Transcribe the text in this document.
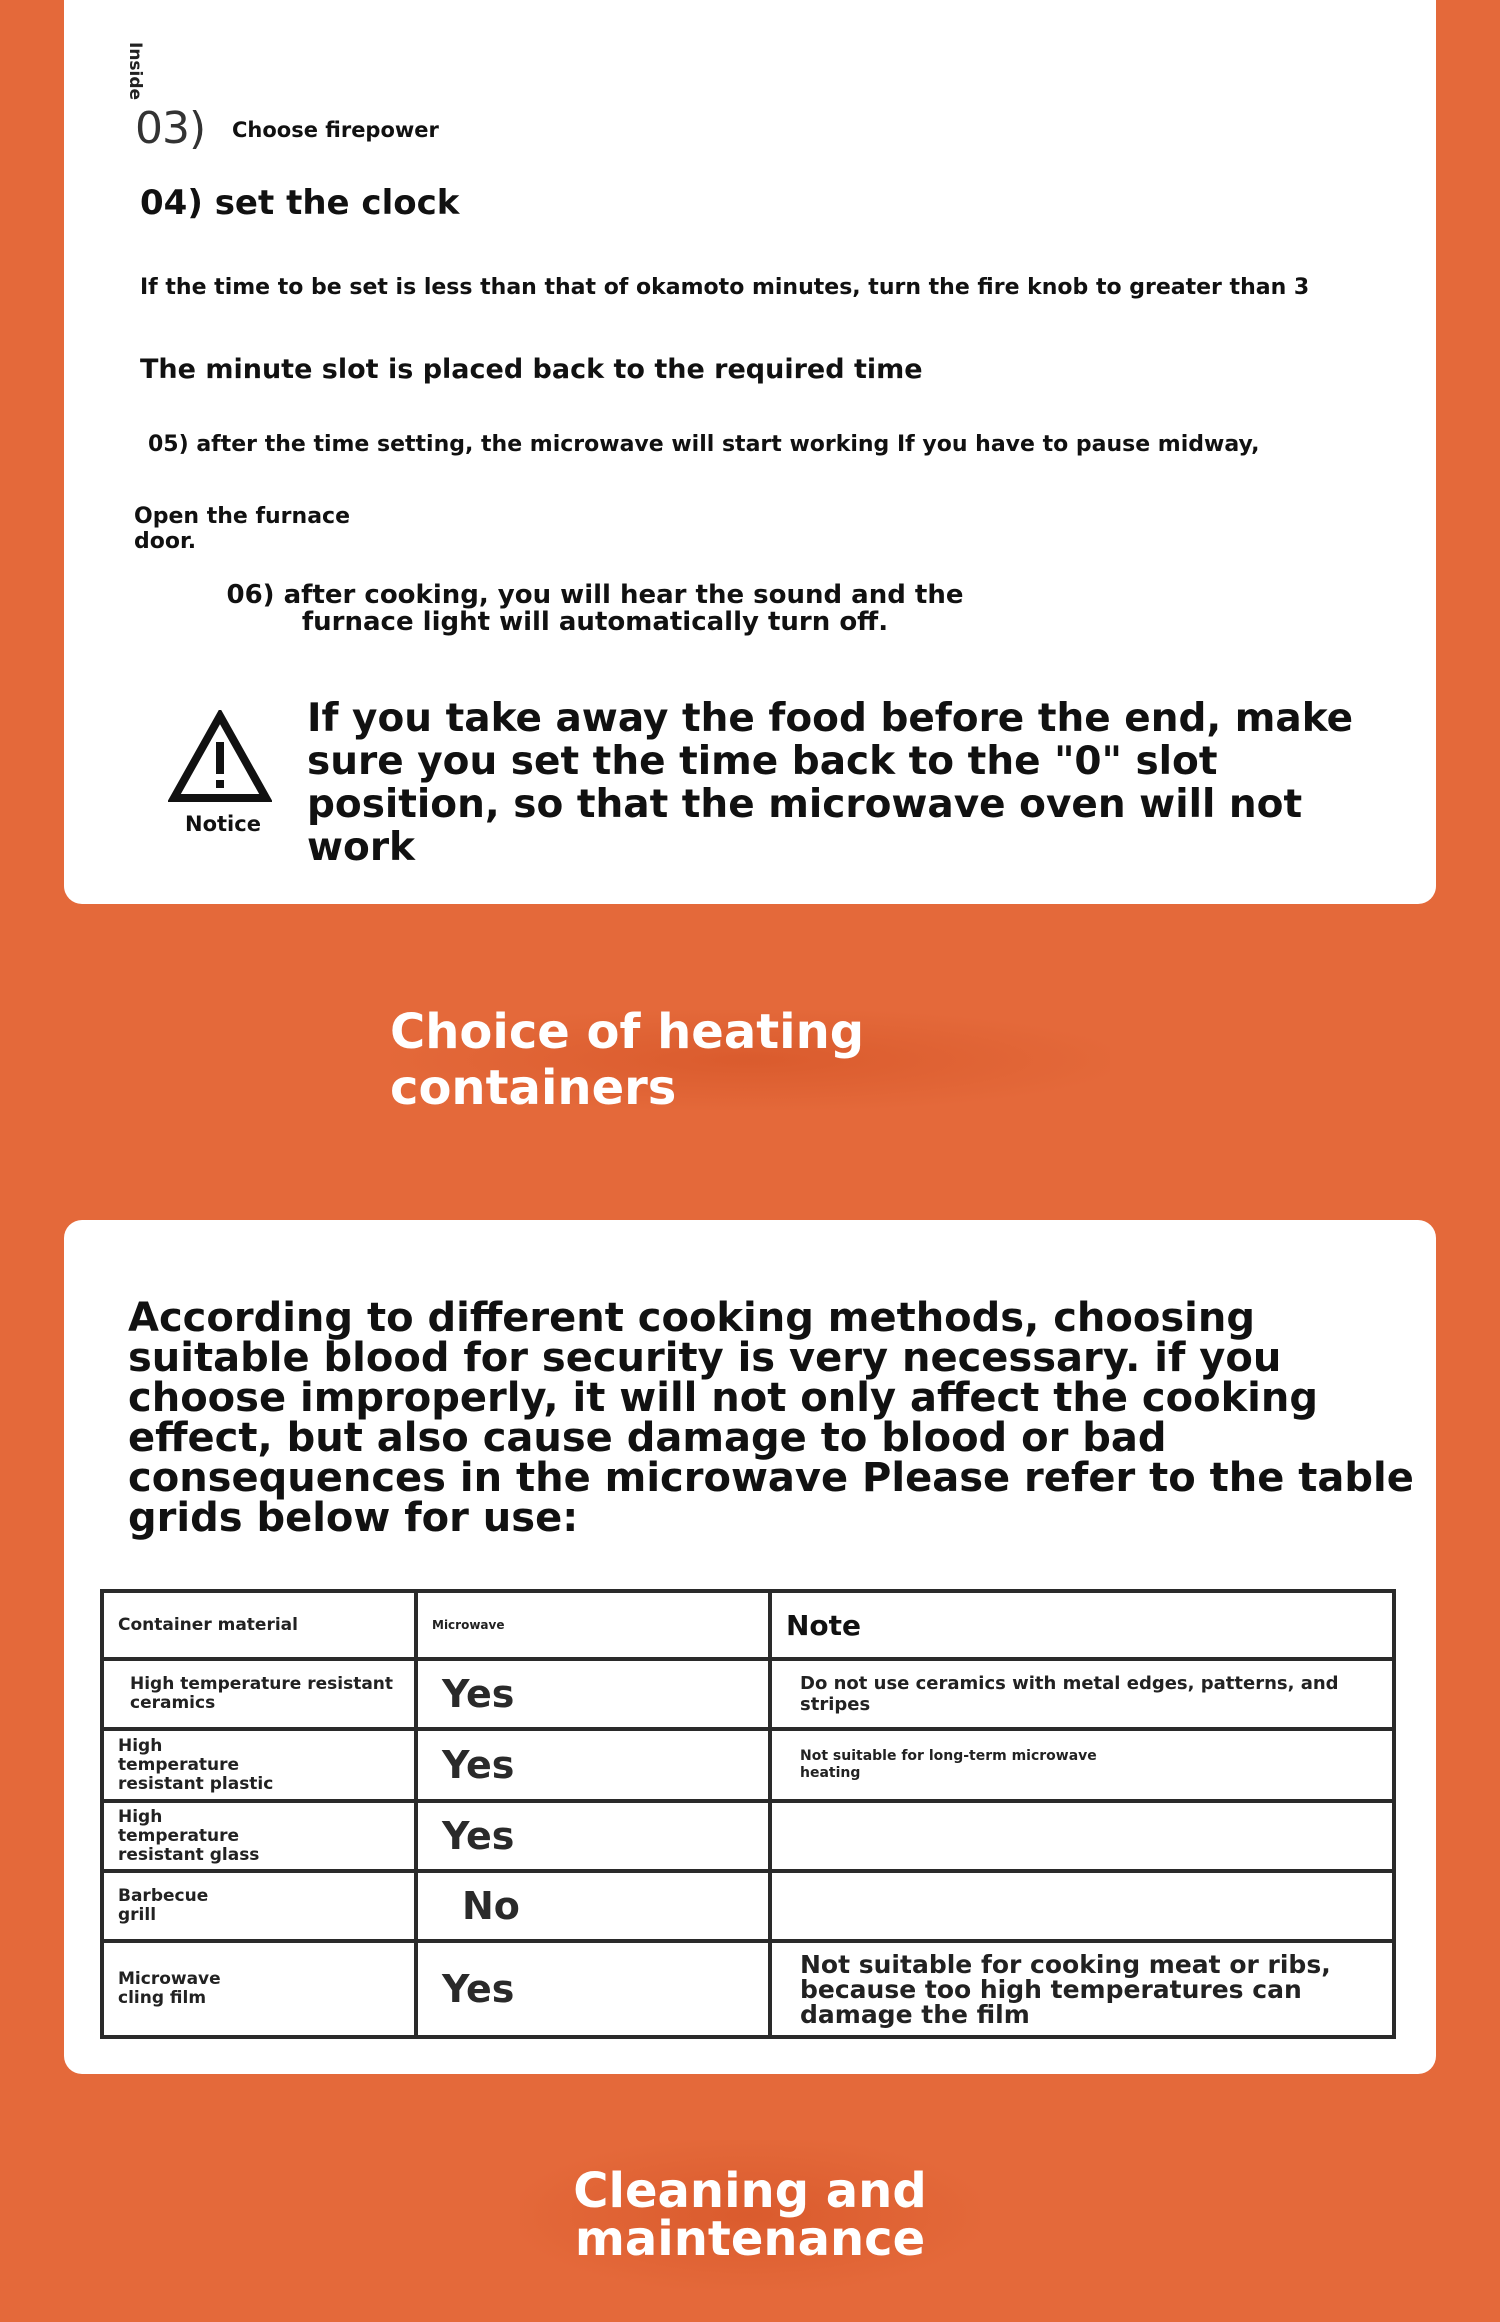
Inside
03) Choose firepower
04) set the clock
If the time to be set is less than that of okamoto minutes, turn the fire knob to greater than 3
The minute slot is placed back to the required time
05) after the time setting, the microwave will start working If you have to pause midway,
Open the furnace door.
06) after cooking, you will hear the sound and the furnace light will automatically turn off.
Notice
If you take away the food before the end, make sure you set the time back to the "0" slot position, so that the microwave oven will not work
Choice of heating containers
According to different cooking methods, choosing suitable blood for security is very necessary. if you choose improperly, it will not only affect the cooking effect, but also cause damage to blood or bad consequences in the microwave Please refer to the table grids below for use:
Container material	Microwave	Note
High temperature resistant ceramics	Yes	Do not use ceramics with metal edges, patterns, and stripes

High temperature resistant plastic	Yes	Not suitable for long-term microwave heating

High temperature resistant glass	Yes	

Barbecue grill	No	

Microwave cling film	Yes	Not suitable for cooking meat or ribs, because too high temperatures can damage the film
Cleaning and maintenance
